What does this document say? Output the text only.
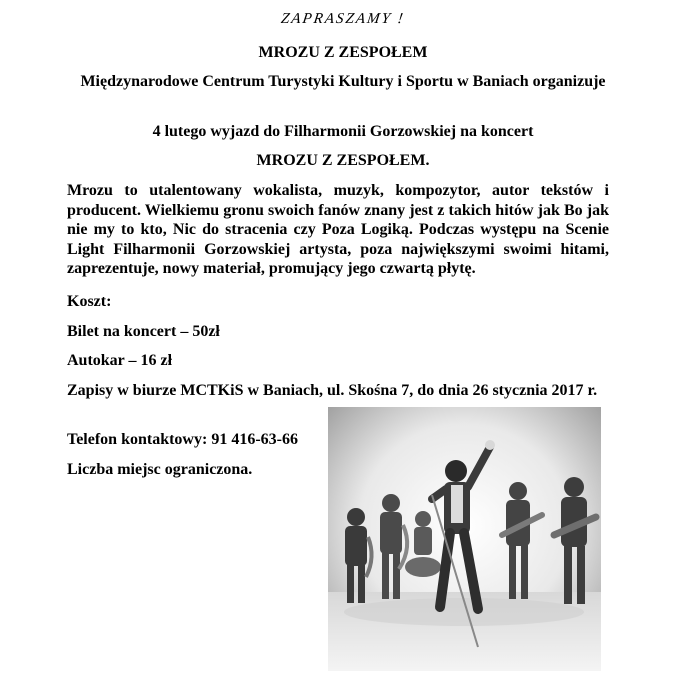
ZAPRASZAMY !
MROZU Z ZESPOŁEM
Międzynarodowe Centrum Turystyki Kultury i Sportu w Baniach organizuje
4 lutego wyjazd do Filharmonii Gorzowskiej na koncert
MROZU Z ZESPOŁEM.
Mrozu to utalentowany wokalista, muzyk, kompozytor, autor tekstów i producent. Wielkiemu gronu swoich fanów znany jest z takich hitów jak Bo jak nie my to kto, Nic do stracenia czy Poza Logiką. Podczas występu na Scenie Light Filharmonii Gorzowskiej artysta, poza największymi swoimi hitami, zaprezentuje, nowy materiał, promujący jego czwartą płytę.
Koszt:
Bilet na koncert – 50zł
Autokar – 16 zł
Zapisy w biurze MCTKiS w Baniach, ul. Skośna 7, do dnia 26 stycznia 2017 r.
Telefon kontaktowy: 91 416-63-66
Liczba miejsc ograniczona.
